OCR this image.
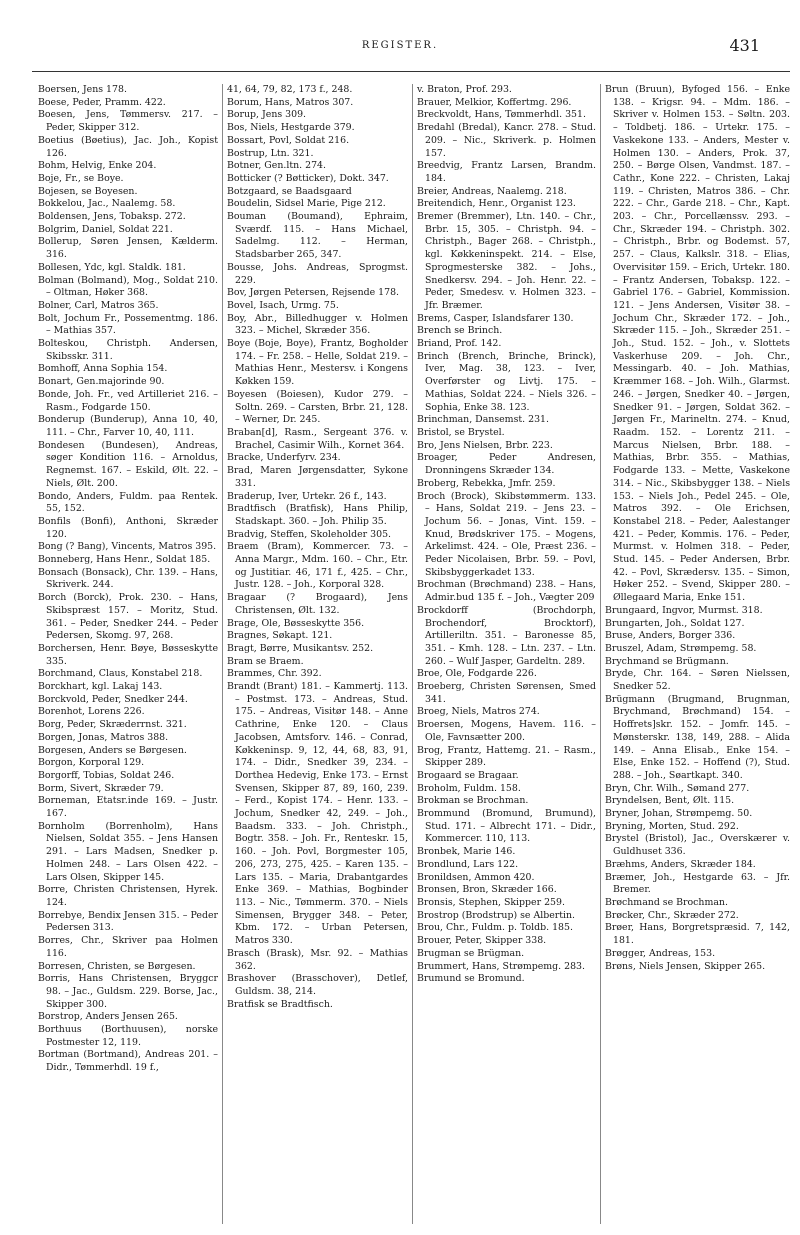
REGISTER.	431

Boersen, Jens 178.

Boese, Peder, Pramm. 422.

Boesen, Jens, Tømmersv. 217. – Peder, Skipper 312.

Boetius (Bøetius), Jac. Joh., Kopist 126.

Bohm, Helvig, Enke 204.

Boje, Fr., se Boye.

Bojesen, se Boyesen.

Bokkelou, Jac., Naalemg. 58.

Boldensen, Jens, Tobaksp. 272.

Bolgrim, Daniel, Soldat 221.

Bollerup, Søren Jensen, Kælderm. 316.

Bollesen, Ydc, kgl. Staldk. 181.

Bolman (Bolmand), Mog., Soldat 210. – Oltman, Høker 368.

Bolner, Carl, Matros 365.

Bolt, Jochum Fr., Possementmg. 186. – Mathias 357.

Bolteskou, Christph. Andersen, Skibsskr. 311.

Bomhoff, Anna Sophia 154.

Bonart, Gen.majorinde 90.

Bonde, Joh. Fr., ved Artilleriet 216. – Rasm., Fodgarde 150.

Bonderup (Bunderup), Anna 10, 40, 111. – Chr., Farver 10, 40, 111.

Bondesen (Bundesen), Andreas, søger Kondition 116. – Arnoldus, Regnemst. 167. – Eskild, Ølt. 22. – Niels, Ølt. 200.

Bondo, Anders, Fuldm. paa Rentek. 55, 152.

Bonfils (Bonfi), Anthoni, Skræder 120.

Bong (? Bang), Vincents, Matros 395.

Bonneberg, Hans Henr., Soldat 185.

Bonsach (Bonsack), Chr. 139. – Hans, Skriverk. 244.

Borch (Borck), Prok. 230. – Hans, Skibspræst 157. – Moritz, Stud. 361. – Peder, Snedker 244. – Peder Pedersen, Skomg. 97, 268.

Borchersen, Henr. Bøye, Bøsseskytte 335.

Borchmand, Claus, Konstabel 218.

Borckhart, kgl. Lakaj 143.

Borckvold, Peder, Snedker 244.

Borenhot, Lorens 226.

Borg, Peder, Skræderrnst. 321.

Borgen, Jonas, Matros 388.

Borgesen, Anders se Børgesen.

Borgon, Korporal 129.

Borgorff, Tobias, Soldat 246.

Borm, Sivert, Skræder 79.

Borneman, Etatsr.inde 169. – Justr. 167.

Bornholm (Borrenholm), Hans Nielsen, Soldat 355. – Jens Hansen 291. – Lars Madsen, Snedker p. Holmen 248. – Lars Olsen 422. – Lars Olsen, Skipper 145.

Borre, Christen Christensen, Hyrek. 124.

Borrebye, Bendix Jensen 315. – Peder Pedersen 313.

Borres, Chr., Skriver paa Holmen 116.

Borresen, Christen, se Børgesen.

Borris, Hans Christensen, Bryggcr 98. – Jac., Guldsm. 229. Borse, Jac., Skipper 300.

Borstrop, Anders Jensen 265.

Borthuus (Borthuusen), norske Postmester 12, 119.

Bortman (Bortmand), Andreas 201. – Didr., Tømmerhdl. 19 f.,

41, 64, 79, 82, 173 f., 248.

Borum, Hans, Matros 307.

Borup, Jens 309.

Bos, Niels, Hestgarde 379.

Bossart, Povl, Soldat 216.

Bostrup, Ltn. 321.

Botner, Gen.ltn. 274.

Botticker (? Bøtticker), Dokt. 347.

Botzgaard, se Baadsgaard

Boudelin, Sidsel Marie, Pige 212.

Bouman (Boumand), Ephraim, Sværdf. 115. – Hans Michael, Sadelmg. 112. – Herman, Stadsbarber 265, 347.

Bousse, Johs. Andreas, Sprogmst. 229.

Bov, Jørgen Petersen, Rejsende 178.

Bovel, Isach, Urmg. 75.

Boy, Abr., Billedhugger v. Holmen 323. – Michel, Skræder 356.

Boye (Boje, Boye), Frantz, Bogholder 174. – Fr. 258. – Helle, Soldat 219. – Mathias Henr., Mestersv. i Kongens Køkken 159.

Boyesen (Boiesen), Kudor 279. – Soltn. 269. – Carsten, Brbr. 21, 128. – Werner, Dr. 245.

Braban[d], Rasm., Sergeant 376. v. Brachel, Casimir Wilh., Kornet 364.

Bracke, Underfyrv. 234.

Brad, Maren Jørgensdatter, Sykone 331.

Braderup, Iver, Urtekr. 26 f., 143.

Bradtfisch (Bratfisk), Hans Philip, Stadskapt. 360. – Joh. Philip 35.

Bradvig, Steffen, Skoleholder 305.

Braem (Bram), Kommercer. 73. – Anna Margr., Mdm. 160. – Chr., Etr. og Justitiar. 46, 171 f., 425. – Chr., Justr. 128. – Joh., Korporal 328.

Bragaar (? Brogaard), Jens Christensen, Ølt. 132.

Brage, Ole, Bøsseskytte 356.

Bragnes, Søkapt. 121.

Bragt, Børre, Musikantsv. 252.

Bram se Braem.

Brammes, Chr. 392.

Brandt (Brant) 181. – Kammertj. 113. – Postmst. 173. – Andreas, Stud. 175. – Andreas, Visitør 148. – Anne Cathrine, Enke 120. – Claus Jacobsen, Amtsforv. 146. – Conrad, Køkkeninsp. 9, 12, 44, 68, 83, 91, 174. – Didr., Snedker 39, 234. – Dorthea Hedevig, Enke 173. – Ernst Svensen, Skipper 87, 89, 160, 239. – Ferd., Kopist 174. – Henr. 133. – Jochum, Snedker 42, 249. – Joh., Baadsm. 333. – Joh. Christph., Bogtr. 358. – Joh. Fr., Renteskr. 15, 160. – Joh. Povl, Borgmester 105, 206, 273, 275, 425. – Karen 135. – Lars 135. – Maria, Drabantgardes Enke 369. – Mathias, Bogbinder 113. – Nic., Tømmerm. 370. – Niels Simensen, Brygger 348. – Peter, Kbm. 172. – Urban Petersen, Matros 330.

Brasch (Brask), Msr. 92. – Mathias 362.

Brashover (Brasschover), Detlef, Guldsm. 38, 214.

Bratfisk se Bradtfisch.

v. Braton, Prof. 293.

Brauer, Melkior, Koffertmg. 296.

Breckvoldt, Hans, Tømmerhdl. 351.

Bredahl (Bredal), Kancr. 278. – Stud. 209. – Nic., Skriverk. p. Holmen 157.

Breedvig, Frantz Larsen, Brandm. 184.

Breier, Andreas, Naalemg. 218.

Breitendich, Henr., Organist 123.

Bremer (Bremmer), Ltn. 140. – Chr., Brbr. 15, 305. – Christph. 94. – Christph., Bager 268. – Christph., kgl. Køkkeninspekt. 214. – Else, Sprogmesterske 382. – Johs., Snedkersv. 294. – Joh. Henr. 22. – Peder, Smedesv. v. Holmen 323. – Jfr. Bræmer.

Brems, Casper, Islandsfarer 130.

Brench se Brinch.

Briand, Prof. 142.

Brinch (Brench, Brinche, Brinck), Iver, Mag. 38, 123. – Iver, Overførster og Livtj. 175. – Mathias, Soldat 224. – Niels 326. – Sophia, Enke 38. 123.

Brinchman, Dansemst. 231.

Bristol, se Brystel.

Bro, Jens Nielsen, Brbr. 223.

Broager, Peder Andresen, Dronningens Skræder 134.

Broberg, Rebekka, Jmfr. 259.

Broch (Brock), Skibstømmerm. 133. – Hans, Soldat 219. – Jens 23. – Jochum 56. – Jonas, Vint. 159. – Knud, Brødskriver 175. – Mogens, Arkelimst. 424. – Ole, Præst 236. – Peder Nicolaisen, Brbr. 59. – Povl, Skibsbyggerkadet 133.

Brochman (Brøchmand) 238. – Hans, Admir.bud 135 f. – Joh., Vægter 209

Brockdorff (Brochdorph, Brochendorf, Brocktorf), Artilleriltn. 351. – Baronesse 85, 351. – Kmh. 128. – Ltn. 237. – Ltn. 260. – Wulf Jasper, Gardeltn. 289.

Broe, Ole, Fodgarde 226.

Broeberg, Christen Sørensen, Smed 341.

Broeg, Niels, Matros 274.

Broersen, Mogens, Havem. 116. – Ole, Favnsætter 200.

Brog, Frantz, Hattemg. 21. – Rasm., Skipper 289.

Brogaard se Bragaar.

Broholm, Fuldm. 158.

Brokman se Brochman.

Brommund (Bromund, Brumund), Stud. 171. – Albrecht 171. – Didr., Kommercer. 110, 113.

Bronbek, Marie 146.

Brondlund, Lars 122.

Bronildsen, Ammon 420.

Bronsen, Bron, Skræder 166.

Bronsis, Stephen, Skipper 259.

Brostrop (Brodstrup) se Albertin.

Brou, Chr., Fuldm. p. Toldb. 185.

Brouer, Peter, Skipper 338.

Brugman se Brügman.

Brummert, Hans, Strømpemg. 283.

Brumund se Bromund.

Brun (Bruun), Byfoged 156. – Enke 138. – Krigsr. 94. – Mdm. 186. – Skriver v. Holmen 153. – Søltn. 203. – Toldbetj. 186. – Urtekr. 175. – Vaskekone 133. – Anders, Mester v. Holmen 130. – Anders, Prok. 37, 250. – Børge Olsen, Vandmst. 187. – Cathr., Kone 222. – Christen, Lakaj 119. – Christen, Matros 386. – Chr. 222. – Chr., Garde 218. – Chr., Kapt. 203. – Chr., Porcellænssv. 293. – Chr., Skræder 194. – Christph. 302. – Christph., Brbr. og Bodemst. 57, 257. – Claus, Kalkslr. 318. – Elias, Overvisitør 159. – Erich, Urtekr. 180. – Frantz Andersen, Tobaksp. 122. – Gabriel 176. – Gabriel, Kommission. 121. – Jens Andersen, Visitør 38. – Jochum Chr., Skræder 172. – Joh., Skræder 115. – Joh., Skræder 251. – Joh., Stud. 152. – Joh., v. Slottets Vaskerhuse 209. – Joh. Chr., Messingarb. 40. – Joh. Mathias, Kræmmer 168. – Joh. Wilh., Glarmst. 246. – Jørgen, Snedker 40. – Jørgen, Snedker 91. – Jørgen, Soldat 362. – Jørgen Fr., Marineltn. 274. – Knud, Raadm. 152. – Lorentz 211. – Marcus Nielsen, Brbr. 188. – Mathias, Brbr. 355. – Mathias, Fodgarde 133. – Mette, Vaskekone 314. – Nic., Skibsbygger 138. – Niels 153. – Niels Joh., Pedel 245. – Ole, Matros 392. – Ole Erichsen, Konstabel 218. – Peder, Aalestanger 421. – Peder, Kommis. 176. – Peder, Murmst. v. Holmen 318. – Peder, Stud. 145. – Peder Andersen, Brbr. 42. – Povl, Skrædersv. 135. – Simon, Høker 252. – Svend, Skipper 280. – Øllegaard Maria, Enke 151.

Brungaard, Ingvor, Murmst. 318.

Brungarten, Joh., Soldat 127.

Bruse, Anders, Borger 336.

Bruszel, Adam, Strømpemg. 58.

Brychmand se Brügmann.

Bryde, Chr. 164. – Søren Nielssen, Snedker 52.

Brügmann (Brugmand, Brugnman, Brychmand, Brøchmand) 154. – Hoffrets]skr. 152. – Jomfr. 145. – Mønsterskr. 138, 149, 288. – Alida 149. – Anna Elisab., Enke 154. – Else, Enke 152. – Hoffend (?), Stud. 288. – Joh., Søartkapt. 340.

Bryn, Chr. Wilh., Sømand 277.

Bryndelsen, Bent, Ølt. 115.

Bryner, Johan, Strømpemg. 50.

Bryning, Morten, Stud. 292.

Brystel (Bristol), Jac., Overskærer v. Guldhuset 336.

Bræhms, Anders, Skræder 184.

Bræmer, Joh., Hestgarde 63. – Jfr. Bremer.

Brøchmand se Brochman.

Brøcker, Chr., Skræder 272.

Brøer, Hans, Borgretspræsid. 7, 142, 181.

Brøgger, Andreas, 153.

Brøns, Niels Jensen, Skipper 265.
